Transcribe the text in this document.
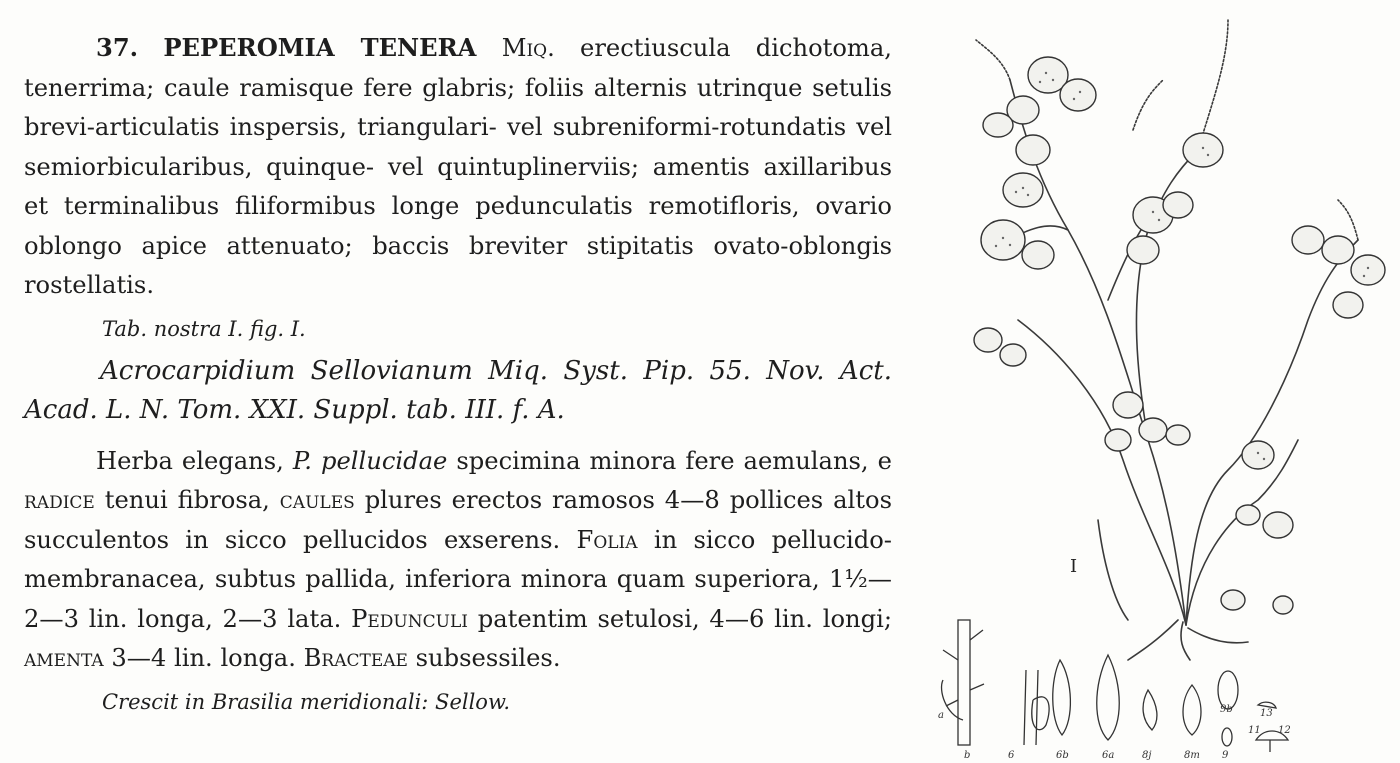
37. PEPEROMIA TENERA Miq. erectiuscula dichotoma, tenerrima; caule ramisque fere glabris; foliis alternis utrinque setulis brevi-articulatis inspersis, triangulari- vel subreniformi-rotundatis vel semiorbicularibus, quinque- vel quintuplinerviis; amentis axillaribus et terminalibus filiformibus longe pedunculatis remotifloris, ovario oblongo apice attenuato; baccis breviter stipitatis ovato-oblongis rostellatis.

Tab. nostra I. fig. I.

Acrocarpidium Sellovianum Miq. Syst. Pip. 55. Nov. Act. Acad. L. N. Tom. XXI. Suppl. tab. III. f. A.

Herba elegans, P. pellucidae specimina minora fere aemulans, e radice tenui fibrosa, caules plures erectos ramosos 4—8 pollices altos succulentos in sicco pellucidos exserens. Folia in sicco pellucido-membranacea, subtus pallida, inferiora minora quam superiora, 1½—2—3 lin. longa, 2—3 lata. Pedunculi patentim setulosi, 4—6 lin. longi; amenta 3—4 lin. longa. Bracteae subsessiles.

Crescit in Brasilia meridionali: Sellow.

I
a
b	6	6b	6a	8j	8m 9
9b
11
13
12
